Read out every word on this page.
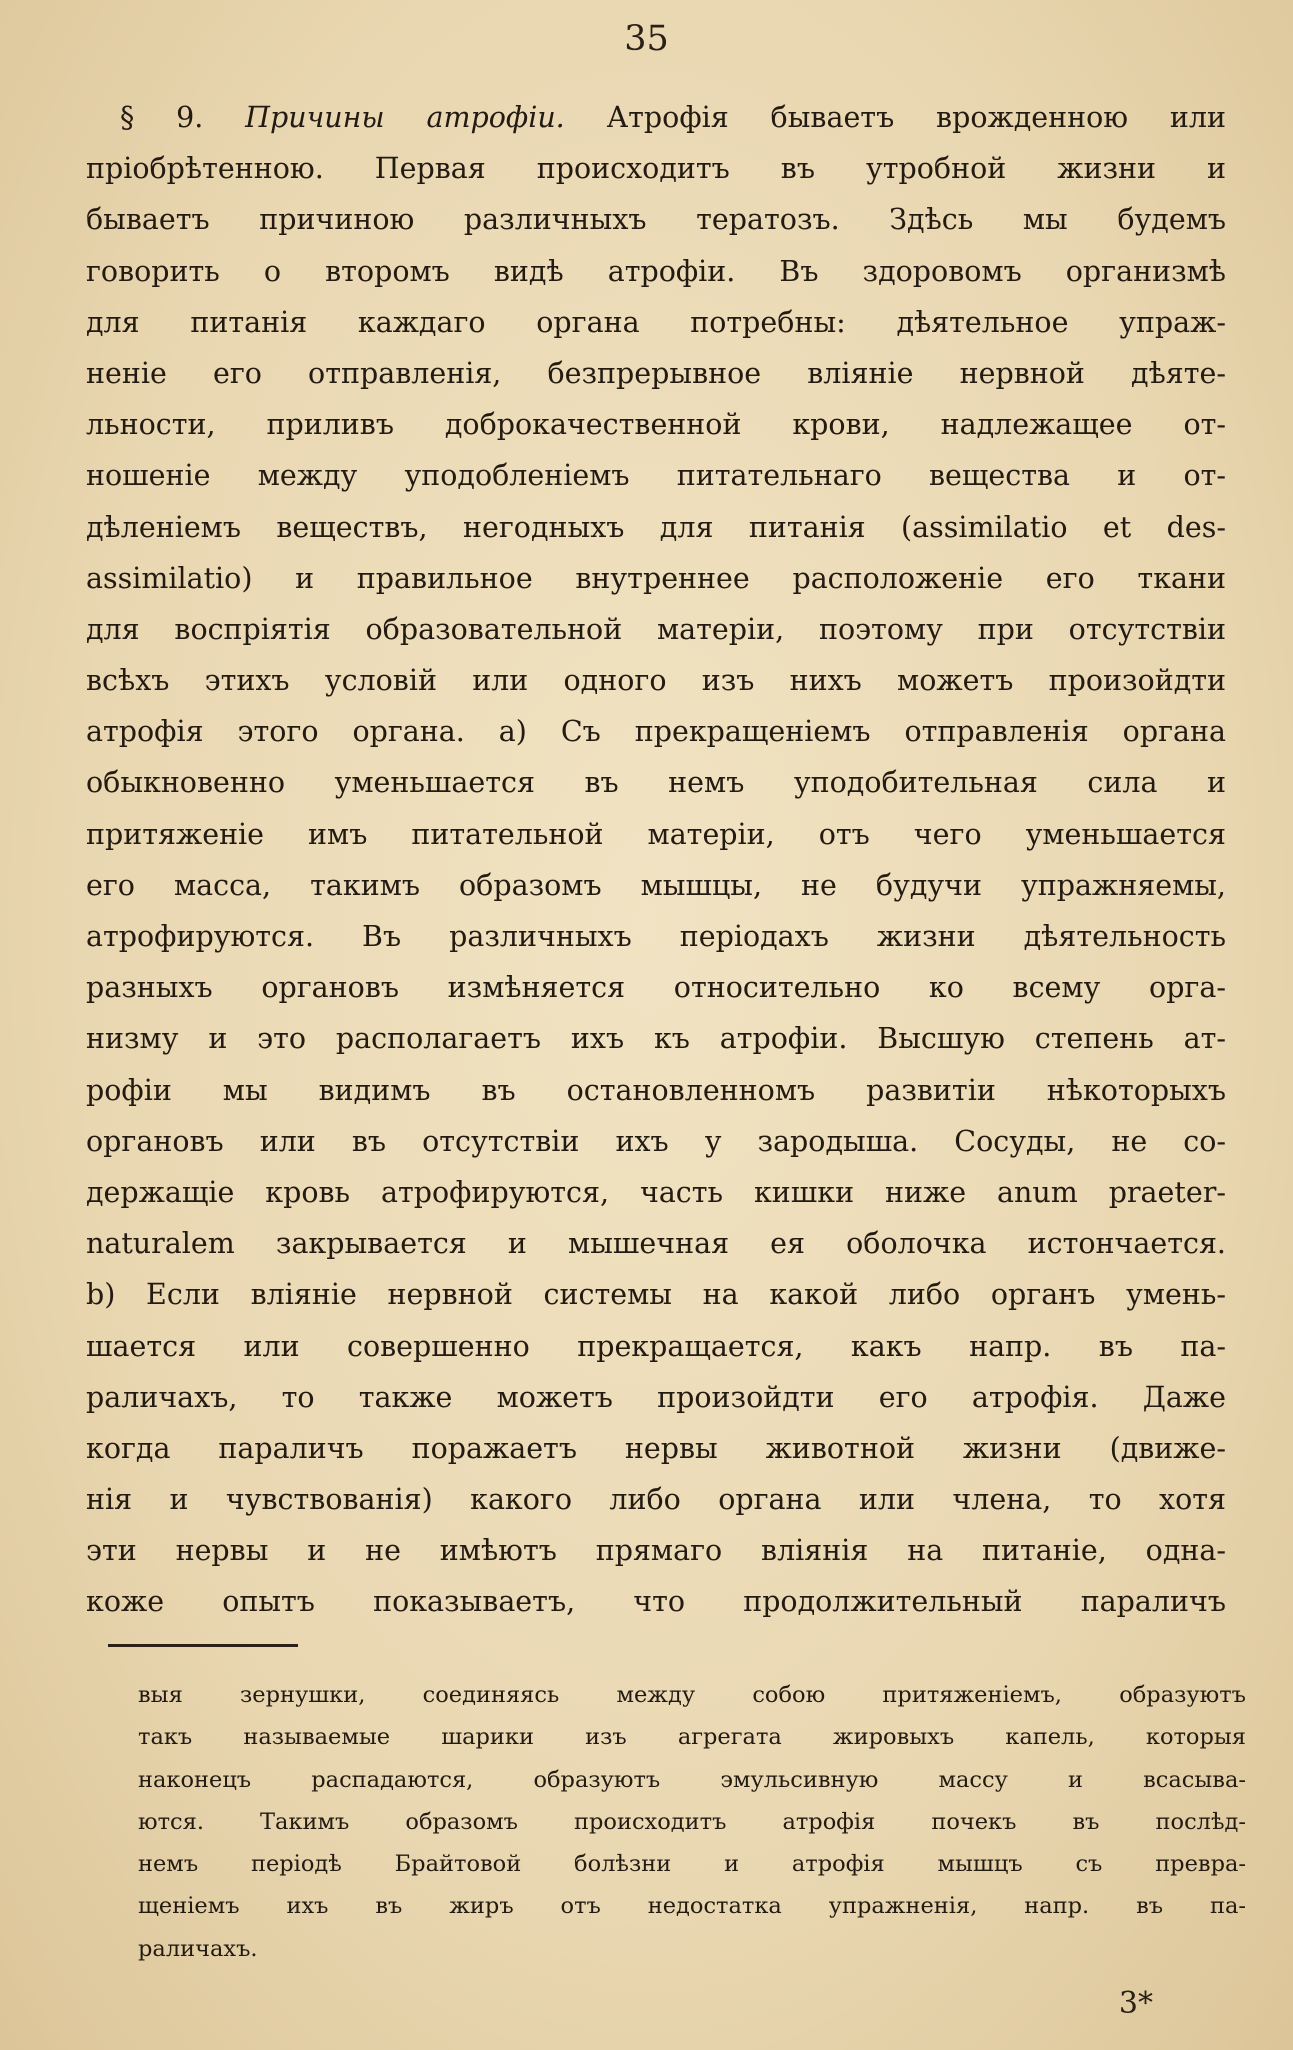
35
§ 9. Причины атрофіи. Атрофія бываетъ врожденною или
пріобрѣтенною. Первая происходитъ въ утробной жизни и
бываетъ причиною различныхъ тератозъ. Здѣсь мы будемъ
говорить о второмъ видѣ атрофіи. Въ здоровомъ организмѣ
для питанія каждаго органа потребны: дѣятельное упраж-
неніе его отправленія, безпрерывное вліяніе нервной дѣяте-
льности, приливъ доброкачественной крови, надлежащее от-
ношеніе между уподобленіемъ питательнаго вещества и от-
дѣленіемъ веществъ, негодныхъ для питанія (assimilatio et des-
assimilatio) и правильное внутреннее расположеніе его ткани
для воспріятія образовательной матеріи, поэтому при отсутствіи
всѣхъ этихъ условій или одного изъ нихъ можетъ произойдти
атрофія этого органа. а) Съ прекращеніемъ отправленія органа
обыкновенно уменьшается въ немъ уподобительная сила и
притяженіе имъ питательной матеріи, отъ чего уменьшается
его масса, такимъ образомъ мышцы, не будучи упражняемы,
атрофируются. Въ различныхъ періодахъ жизни дѣятельность
разныхъ органовъ измѣняется относительно ко всему орга-
низму и это располагаетъ ихъ къ атрофіи. Высшую степень ат-
рофіи мы видимъ въ остановленномъ развитіи нѣкоторыхъ
органовъ или въ отсутствіи ихъ у зародыша. Сосуды, не со-
держащіе кровь атрофируются, часть кишки ниже anum praeter-
naturalem закрывается и мышечная ея оболочка истончается.
b) Если вліяніе нервной системы на какой либо органъ умень-
шается или совершенно прекращается, какъ напр. въ па-
раличахъ, то также можетъ произойдти его атрофія. Даже
когда параличъ поражаетъ нервы животной жизни (движе-
нія и чувствованія) какого либо органа или члена, то хотя
эти нервы и не имѣютъ прямаго вліянія на питаніе, одна-
коже опытъ показываетъ, что продолжительный параличъ
выя зернушки, соединяясь между собою притяженіемъ, образуютъ
такъ называемые шарики изъ агрегата жировыхъ капель, которыя
наконецъ распадаются, образуютъ эмульсивную массу и всасыва-
ются. Такимъ образомъ происходитъ атрофія почекъ въ послѣд-
немъ періодѣ Брайтовой болѣзни и атрофія мышцъ съ превра-
щеніемъ ихъ въ жиръ отъ недостатка упражненія, напр. въ па-
раличахъ.
3*
